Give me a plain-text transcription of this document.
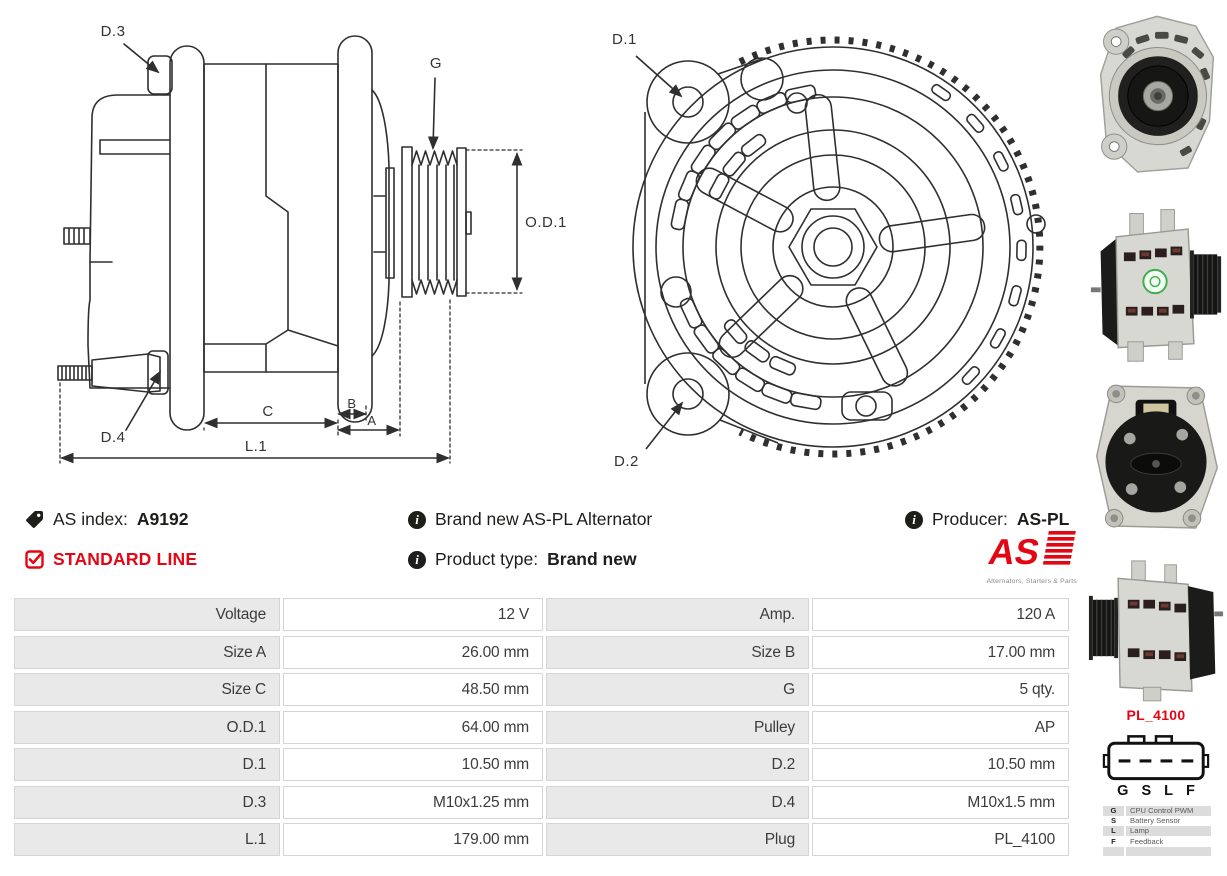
D.3
G
O.D.1
D.4
C	B
A
L.1
D.1
D.2
AS index: A9192
STANDARD LINE
i Brand new AS-PL Alternator
i Product type: Brand new
i Producer: AS-PL
AS
Alternators, Starters & Parts
Voltage	12 V	Amp.	120 A
Size A	26.00 mm	Size B	17.00 mm
Size C	48.50 mm	G	5 qty.
O.D.1	64.00 mm	Pulley	AP
D.1	10.50 mm	D.2	10.50 mm
D.3	M10x1.25 mm	D.4	M10x1.5 mm
L.1	179.00 mm	Plug	PL_4100
PL_4100
G S L F
G	CPU Control PWM
S	Battery Sensor
L	Lamp
F	Feedback
